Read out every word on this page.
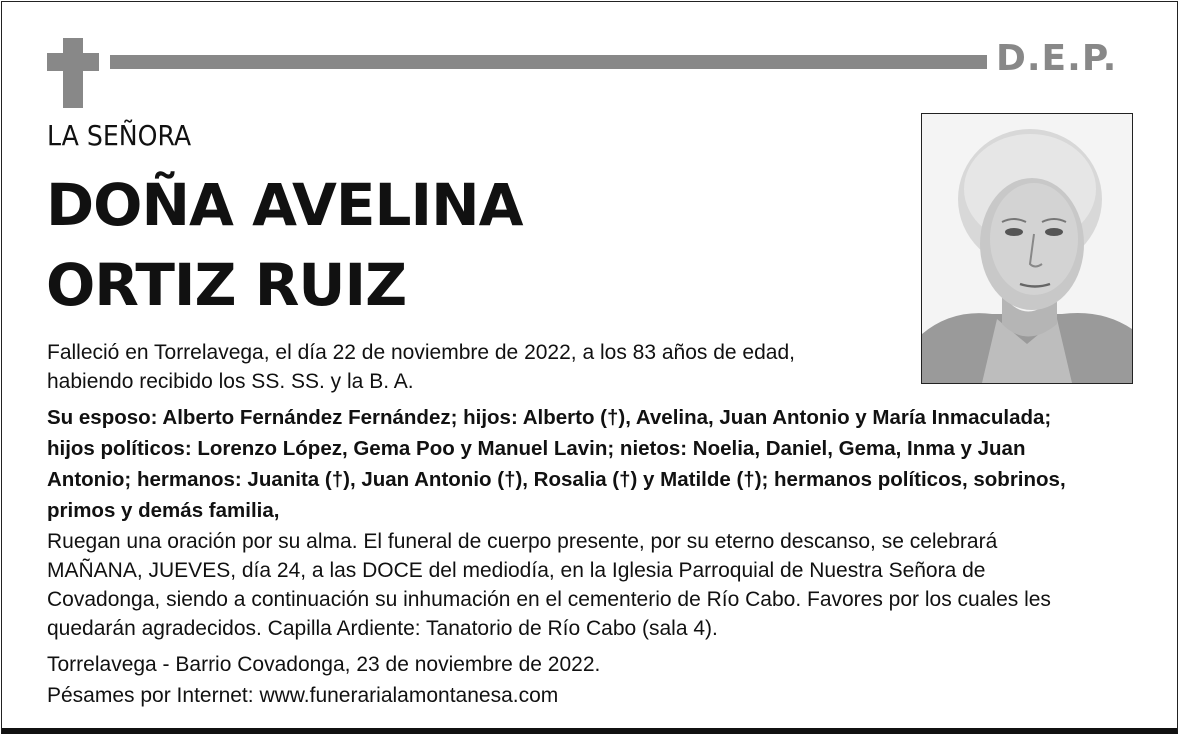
D.E.P.
LA SEÑORA
DOÑA AVELINA
ORTIZ RUIZ
Falleció en Torrelavega, el día 22 de noviembre de 2022, a los 83 años de edad,
habiendo recibido los SS. SS. y la B. A.
Su esposo: Alberto Fernández Fernández; hijos: Alberto (†), Avelina, Juan Antonio y María Inmaculada;
hijos políticos: Lorenzo López, Gema Poo y Manuel Lavin; nietos: Noelia, Daniel, Gema, Inma y Juan
Antonio; hermanos: Juanita (†), Juan Antonio (†), Rosalia (†) y Matilde (†); hermanos políticos, sobrinos,
primos y demás familia,
Ruegan una oración por su alma. El funeral de cuerpo presente, por su eterno descanso, se celebrará
MAÑANA, JUEVES, día 24, a las DOCE del mediodía, en la Iglesia Parroquial de Nuestra Señora de
Covadonga, siendo a continuación su inhumación en el cementerio de Río Cabo. Favores por los cuales les
quedarán agradecidos. Capilla Ardiente: Tanatorio de Río Cabo (sala 4).
Torrelavega - Barrio Covadonga, 23 de noviembre de 2022.
Pésames por Internet: www.funerarialamontanesa.com
